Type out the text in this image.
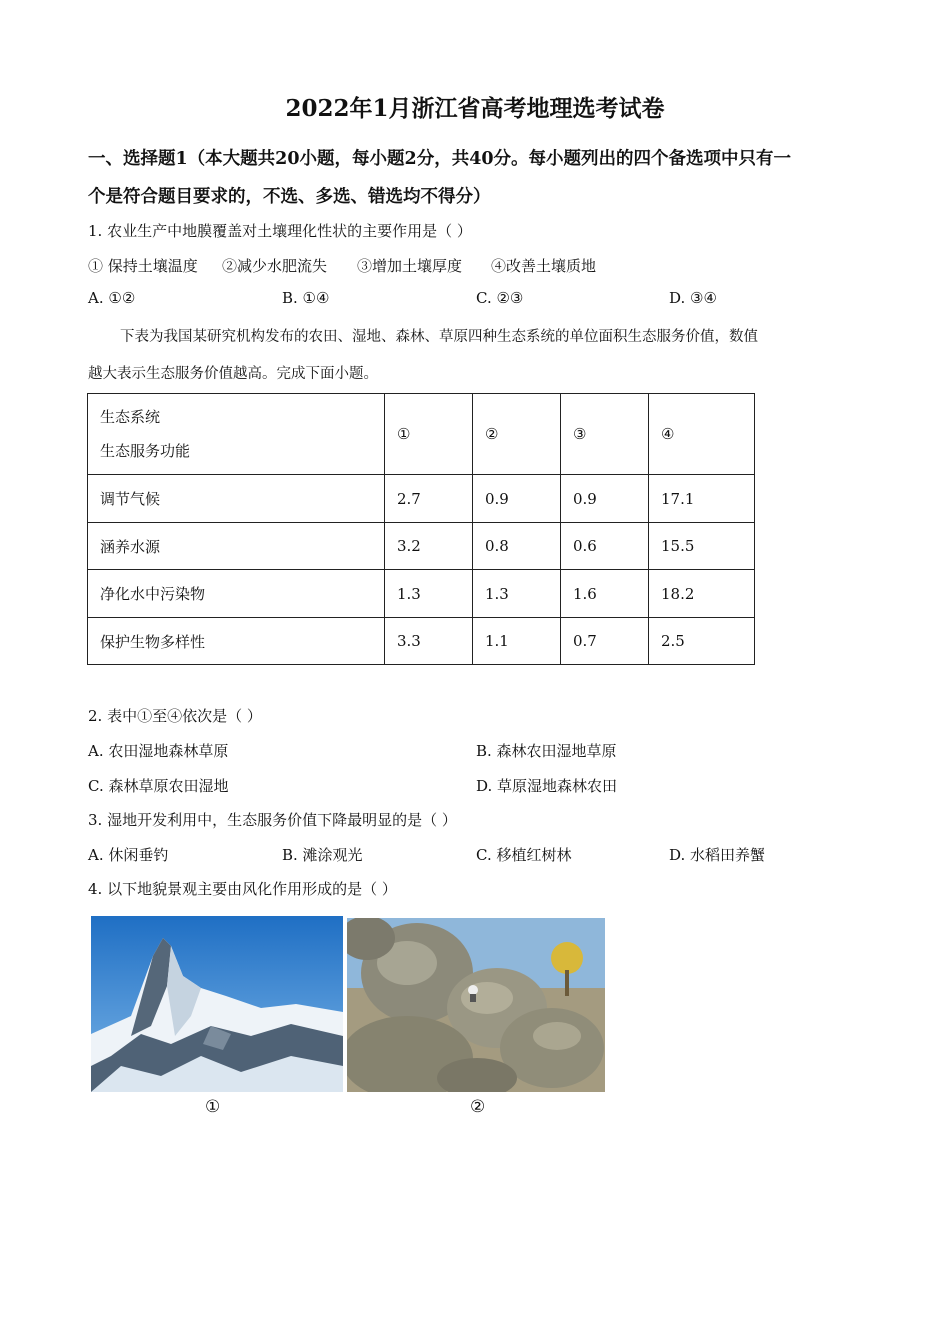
2022年1月浙江省高考地理选考试卷
一、选择题1（本大题共20小题，每小题2分，共40分。每小题列出的四个备选项中只有一
个是符合题目要求的，不选、多选、错选均不得分）
1. 农业生产中地膜覆盖对土壤理化性状的主要作用是（ ）
① 保持土壤温度 ②减少水肥流失 ③增加土壤厚度 ④改善土壤质地
A. ①②	B. ①④	C. ②③	D. ③④
下表为我国某研究机构发布的农田、湿地、森林、草原四种生态系统的单位面积生态服务价值，数值
越大表示生态服务价值越高。完成下面小题。
生态系统
生态服务功能	①	②	③	④
调节气候	2.7	0.9	0.9	17.1
涵养水源	3.2	0.8	0.6	15.5
净化水中污染物	1.3	1.3	1.6	18.2
保护生物多样性	3.3	1.1	0.7	2.5
2. 表中①至④依次是（ ）
A. 农田湿地森林草原	B. 森林农田湿地草原
C. 森林草原农田湿地	D. 草原湿地森林农田
3. 湿地开发利用中，生态服务价值下降最明显的是（ ）
A. 休闲垂钓	B. 滩涂观光	C. 移植红树林	D. 水稻田养蟹
4. 以下地貌景观主要由风化作用形成的是（ ）
①	②
